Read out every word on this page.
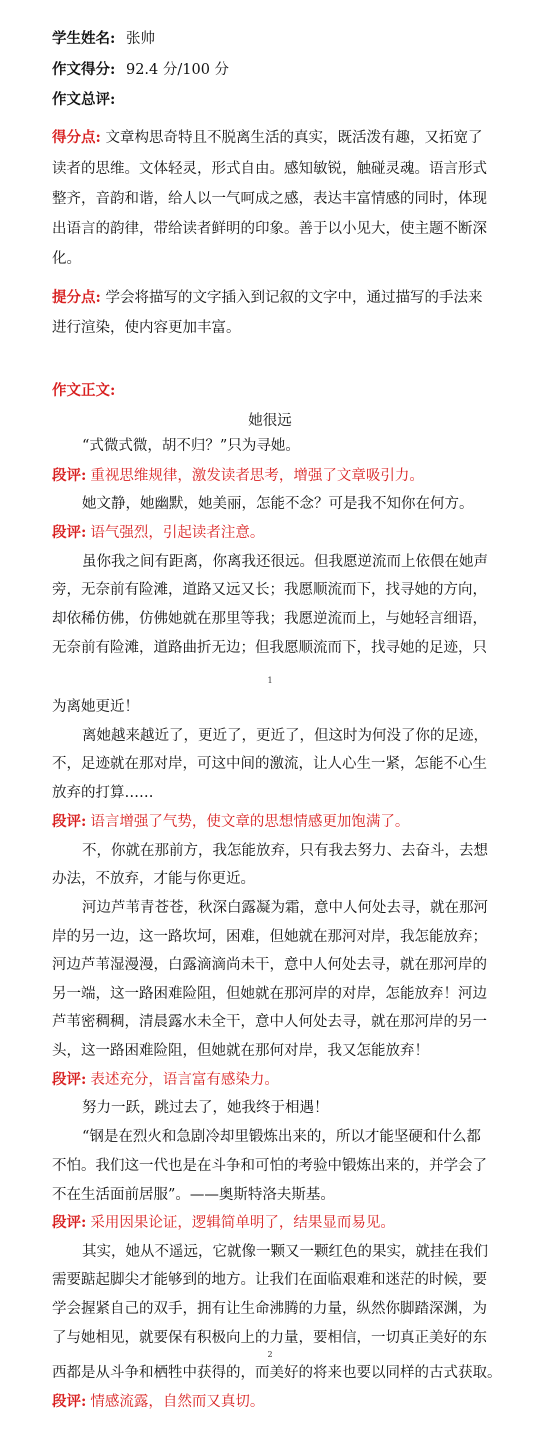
学生姓名: 张帅
作文得分: 92.4 分/100 分
作文总评:
得分点: 文章构思奇特且不脱离生活的真实，既活泼有趣，又拓宽了
读者的思维。文体轻灵，形式自由。感知敏锐，触碰灵魂。语言形式
整齐，音韵和谐，给人以一气呵成之感，表达丰富情感的同时，体现
出语言的韵律，带给读者鲜明的印象。善于以小见大，使主题不断深
化。
提分点: 学会将描写的文字插入到记叙的文字中，通过描写的手法来
进行渲染，使内容更加丰富。
作文正文:
她很远
“式微式微，胡不归？”只为寻她。
段评: 重视思维规律，激发读者思考，增强了文章吸引力。
她文静，她幽默，她美丽，怎能不念？可是我不知你在何方。
段评: 语气强烈，引起读者注意。
虽你我之间有距离，你离我还很远。但我愿逆流而上依偎在她声
旁，无奈前有险滩，道路又远又长；我愿顺流而下，找寻她的方向，
却依稀仿佛，仿佛她就在那里等我；我愿逆流而上，与她轻言细语，
无奈前有险滩，道路曲折无边；但我愿顺流而下，找寻她的足迹，只
1
为离她更近！
离她越来越近了，更近了，更近了，但这时为何没了你的足迹，
不，足迹就在那对岸，可这中间的激流，让人心生一紧，怎能不心生
放弃的打算……
段评: 语言增强了气势，使文章的思想情感更加饱满了。
不，你就在那前方，我怎能放弃，只有我去努力、去奋斗，去想
办法，不放弃，才能与你更近。
河边芦苇青苍苍，秋深白露凝为霜，意中人何处去寻，就在那河
岸的另一边，这一路坎坷，困难，但她就在那河对岸，我怎能放弃；
河边芦苇湿漫漫，白露滴滴尚未干，意中人何处去寻，就在那河岸的
另一端，这一路困难险阻，但她就在那河岸的对岸，怎能放弃！河边
芦苇密稠稠，清晨露水未全干，意中人何处去寻，就在那河岸的另一
头，这一路困难险阻，但她就在那何对岸，我又怎能放弃！
段评: 表述充分，语言富有感染力。
努力一跃，跳过去了，她我终于相遇！
“钢是在烈火和急剧冷却里锻炼出来的，所以才能坚硬和什么都
不怕。我们这一代也是在斗争和可怕的考验中锻炼出来的，并学会了
不在生活面前居服”。——奥斯特洛夫斯基。
段评: 采用因果论证，逻辑简单明了，结果显而易见。
其实，她从不遥远，它就像一颗又一颗红色的果实，就挂在我们
需要踮起脚尖才能够到的地方。让我们在面临艰难和迷茫的时候，要
学会握紧自己的双手，拥有让生命沸腾的力量，纵然你脚踏深渊，为
了与她相见，就要保有积极向上的力量，要相信，一切真正美好的东
2
西都是从斗争和栖牲中获得的，而美好的将来也要以同样的古式获取。
段评: 情感流露，自然而又真切。
